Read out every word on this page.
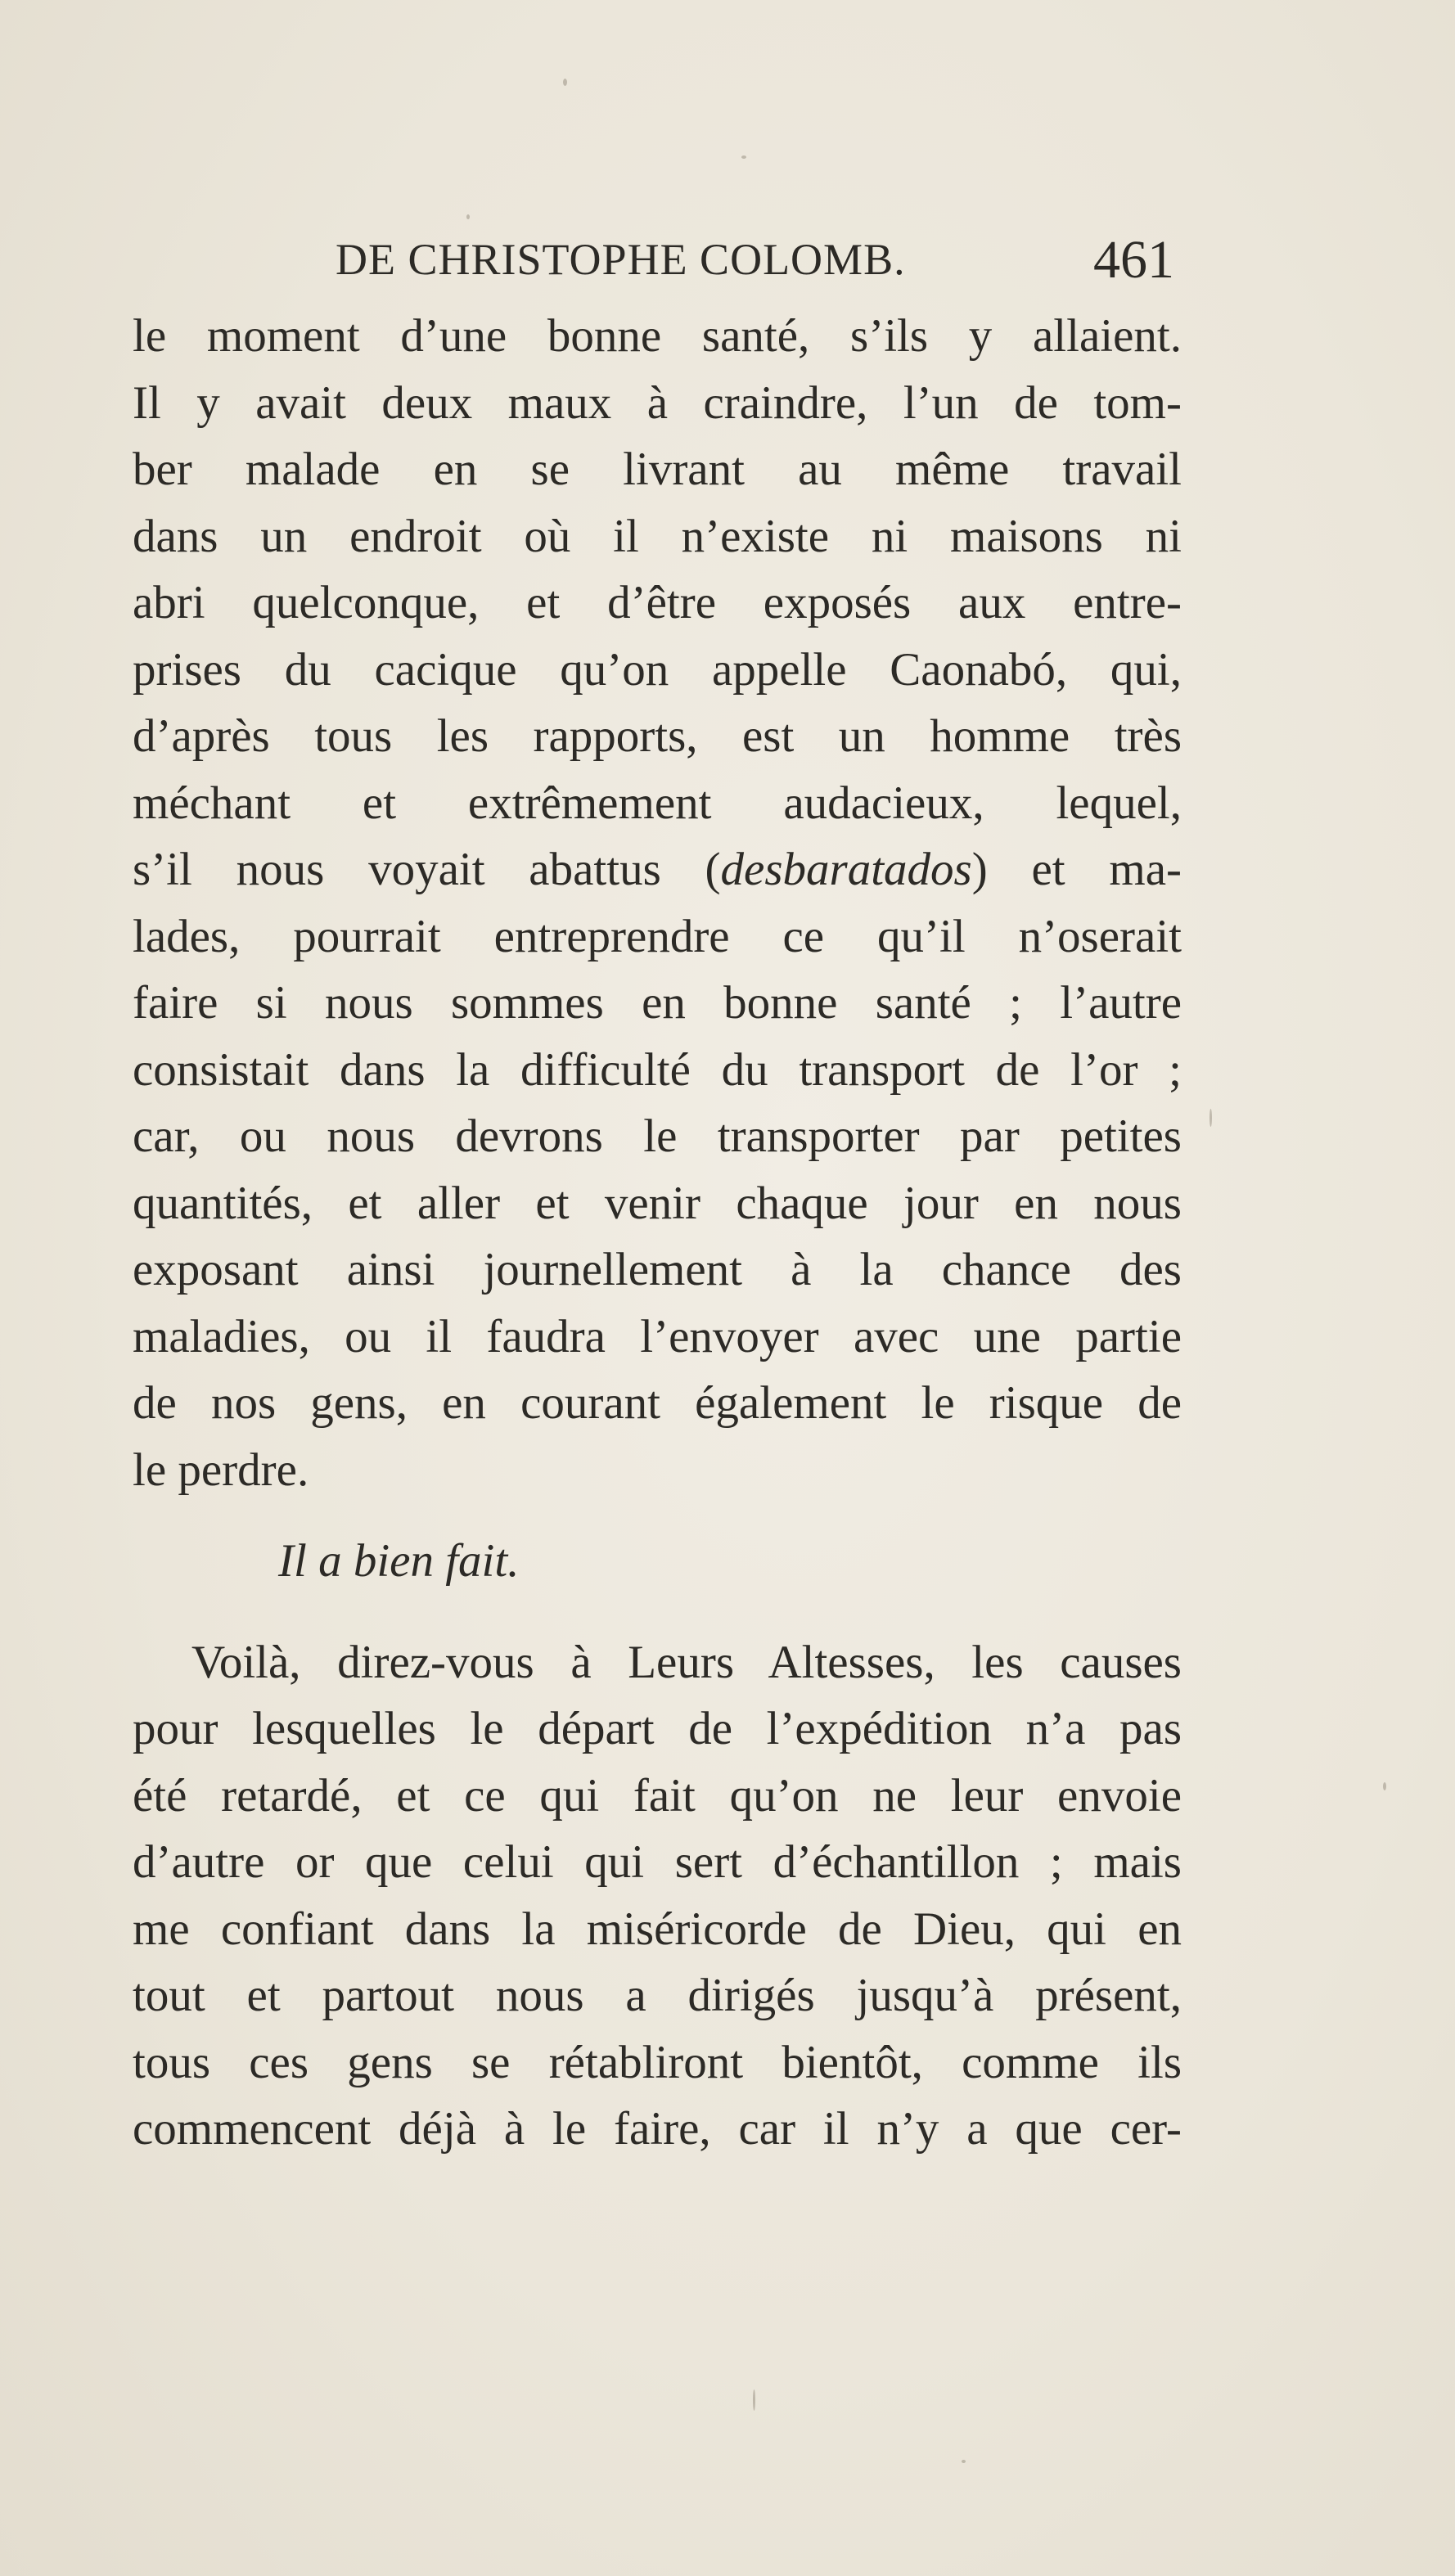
DE CHRISTOPHE COLOMB.	461
le moment d’une bonne santé, s’ils y allaient.
Il y avait deux maux à craindre, l’un de tom-
ber malade en se livrant au même travail
dans un endroit où il n’existe ni maisons ni
abri quelconque, et d’être exposés aux entre-
prises du cacique qu’on appelle Caonabó, qui,
d’après tous les rapports, est un homme très
méchant et extrêmement audacieux, lequel,
s’il nous voyait abattus (desbaratados) et ma-
lades, pourrait entreprendre ce qu’il n’oserait
faire si nous sommes en bonne santé ; l’autre
consistait dans la difficulté du transport de l’or ;
car, ou nous devrons le transporter par petites
quantités, et aller et venir chaque jour en nous
exposant ainsi journellement à la chance des
maladies, ou il faudra l’envoyer avec une partie
de nos gens, en courant également le risque de
le perdre.
Il a bien fait.
Voilà, direz-vous à Leurs Altesses, les causes
pour lesquelles le départ de l’expédition n’a pas
été retardé, et ce qui fait qu’on ne leur envoie
d’autre or que celui qui sert d’échantillon ; mais
me confiant dans la miséricorde de Dieu, qui en
tout et partout nous a dirigés jusqu’à présent,
tous ces gens se rétabliront bientôt, comme ils
commencent déjà à le faire, car il n’y a que cer-
